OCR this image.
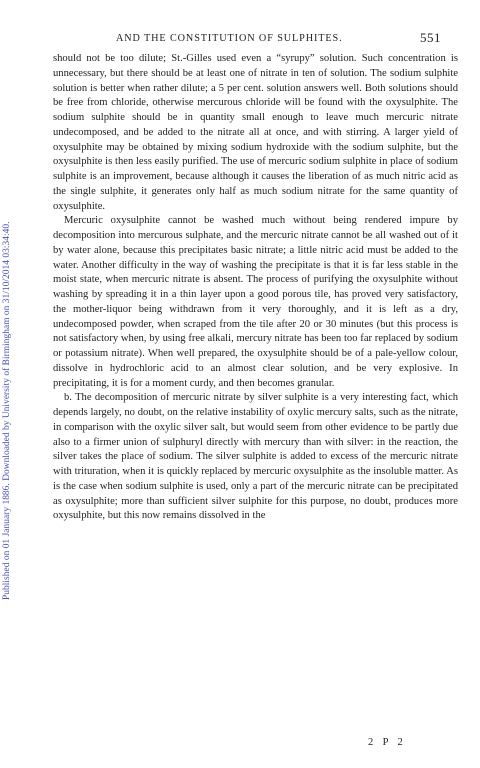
Published on 01 January 1886. Downloaded by University of Birmingham on 31/10/2014 03:34:40.
AND THE CONSTITUTION OF SULPHITES.	551

should not be too dilute; St.-Gilles used even a “syrupy” solution. Such concentration is unnecessary, but there should be at least one of nitrate in ten of solution. The sodium sulphite solution is better when rather dilute; a 5 per cent. solution answers well. Both solutions should be free from chloride, otherwise mercurous chloride will be found with the oxysulphite. The sodium sulphite should be in quantity small enough to leave much mercuric nitrate undecomposed, and be added to the nitrate all at once, and with stirring. A larger yield of oxysulphite may be obtained by mixing sodium hydroxide with the sodium sulphite, but the oxysulphite is then less easily purified. The use of mercuric sodium sulphite in place of sodium sulphite is an improvement, because although it causes the liberation of as much nitric acid as the single sulphite, it generates only half as much sodium nitrate for the same quantity of oxysulphite.

Mercuric oxysulphite cannot be washed much without being rendered impure by decomposition into mercurous sulphate, and the mercuric nitrate cannot be all washed out of it by water alone, because this precipitates basic nitrate; a little nitric acid must be added to the water. Another difficulty in the way of washing the precipitate is that it is far less stable in the moist state, when mercuric nitrate is absent. The process of purifying the oxysulphite without washing by spreading it in a thin layer upon a good porous tile, has proved very satisfactory, the mother-liquor being withdrawn from it very thoroughly, and it is left as a dry, undecomposed powder, when scraped from the tile after 20 or 30 minutes (but this process is not satisfactory when, by using free alkali, mercury nitrate has been too far replaced by sodium or potassium nitrate). When well prepared, the oxysulphite should be of a pale-yellow colour, dissolve in hydrochloric acid to an almost clear solution, and be very explosive. In precipitating, it is for a moment curdy, and then becomes granular.

b. The decomposition of mercuric nitrate by silver sulphite is a very interesting fact, which depends largely, no doubt, on the relative instability of oxylic mercury salts, such as the nitrate, in comparison with the oxylic silver salt, but would seem from other evidence to be partly due also to a firmer union of sulphuryl directly with mercury than with silver: in the reaction, the silver takes the place of sodium. The silver sulphite is added to excess of the mercuric nitrate with trituration, when it is quickly replaced by mercuric oxysulphite as the insoluble matter. As is the case when sodium sulphite is used, only a part of the mercuric nitrate can be precipitated as oxysulphite; more than sufficient silver sulphite for this purpose, no doubt, produces more oxysulphite, but this now remains dissolved in the

2 P 2
